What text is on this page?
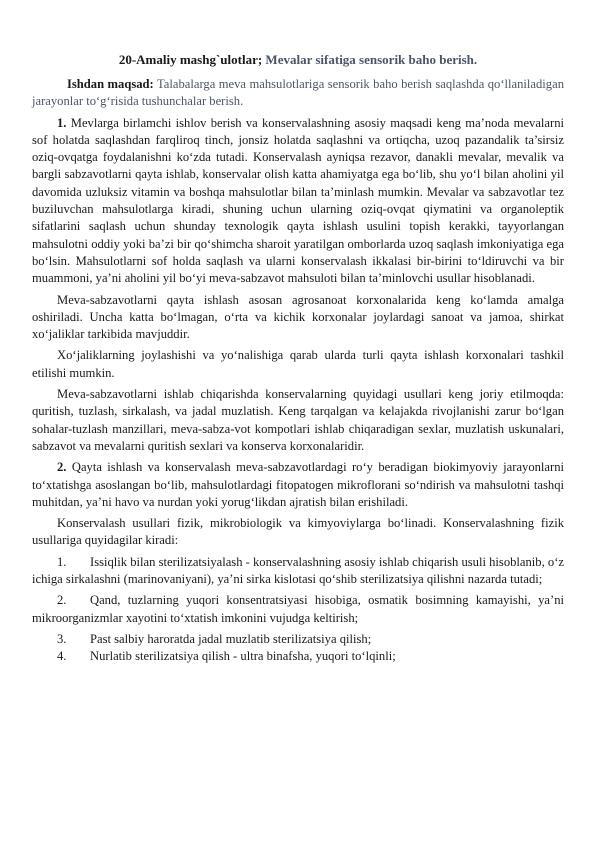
20-Amaliy mashg`ulotlar; Mevalar sifatiga sensorik baho berish.

Ishdan maqsad: Talabalarga meva mahsulotlariga sensorik baho berish saqlashda qo‘llaniladigan jarayonlar to‘g‘risida tushunchalar berish.

1. Mevlarga birlamchi ishlov berish va konservalashning asosiy maqsadi keng ma’noda mevalarni sof holatda saqlashdan farqliroq tinch, jonsiz holatda saqlashni va ortiqcha, uzoq pazandalik ta’sirsiz oziq-ovqatga foydalanishni ko‘zda tutadi. Konservalash ayniqsa rezavor, danakli mevalar, mevalik va bargli sabzavotlarni qayta ishlab, konservalar olish katta ahamiyatga ega bo‘lib, shu yo‘l bilan aholini yil davomida uzluksiz vitamin va boshqa mahsulotlar bilan ta’minlash mumkin. Mevalar va sabzavotlar tez buziluvchan mahsulotlarga kiradi, shuning uchun ularning oziq-ovqat qiymatini va organoleptik sifatlarini saqlash uchun shunday texnologik qayta ishlash usulini topish kerakki, tayyorlangan mahsulotni oddiy yoki ba’zi bir qo‘shimcha sharoit yaratilgan omborlarda uzoq saqlash imkoniyatiga ega bo‘lsin. Mahsulotlarni sof holda saqlash va ularni konservalash ikkalasi bir-birini to‘ldiruvchi va bir muammoni, ya’ni aholini yil bo‘yi meva-sabzavot mahsuloti bilan ta’minlovchi usullar hisoblanadi.

Meva-sabzavotlarni qayta ishlash asosan agrosanoat korxonalarida keng ko‘lamda amalga oshiriladi. Uncha katta bo‘lmagan, o‘rta va kichik korxonalar joylardagi sanoat va jamoa, shirkat xo‘jaliklar tarkibida mavjuddir.

Xo‘jaliklarning joylashishi va yo‘nalishiga qarab ularda turli qayta ishlash korxonalari tashkil etilishi mumkin.

Meva-sabzavotlarni ishlab chiqarishda konservalarning quyidagi usullari keng joriy etilmoqda: quritish, tuzlash, sirkalash, va jadal muzlatish. Keng tarqalgan va kelajakda rivojlanishi zarur bo‘lgan sohalar-tuzlash manzillari, meva-sabza-vot kompotlari ishlab chiqaradigan sexlar, muzlatish uskunalari, sabzavot va mevalarni quritish sexlari va konserva korxonalaridir.

2. Qayta ishlash va konservalash meva-sabzavotlardagi ro‘y beradigan biokimyoviy jarayonlarni to‘xtatishga asoslangan bo‘lib, mahsulotlardagi fitopatogen mikroflorani so‘ndirish va mahsulotni tashqi muhitdan, ya’ni havo va nurdan yoki yorug‘likdan ajratish bilan erishiladi.

Konservalash usullari fizik, mikrobiologik va kimyoviylarga bo‘linadi. Konservalashning fizik usullariga quyidagilar kiradi:

1. Issiqlik bilan sterilizatsiyalash - konservalashning asosiy ishlab chiqarish usuli hisoblanib, o‘z ichiga sirkalashni (marinovaniyani), ya’ni sirka kislotasi qo‘shib sterilizatsiya qilishni nazarda tutadi;

2. Qand, tuzlarning yuqori konsentratsiyasi hisobiga, osmatik bosimning kamayishi, ya’ni mikroorganizmlar xayotini to‘xtatish imkonini vujudga keltirish;

3. Past salbiy haroratda jadal muzlatib sterilizatsiya qilish;

4. Nurlatib sterilizatsiya qilish - ultra binafsha, yuqori to‘lqinli;
